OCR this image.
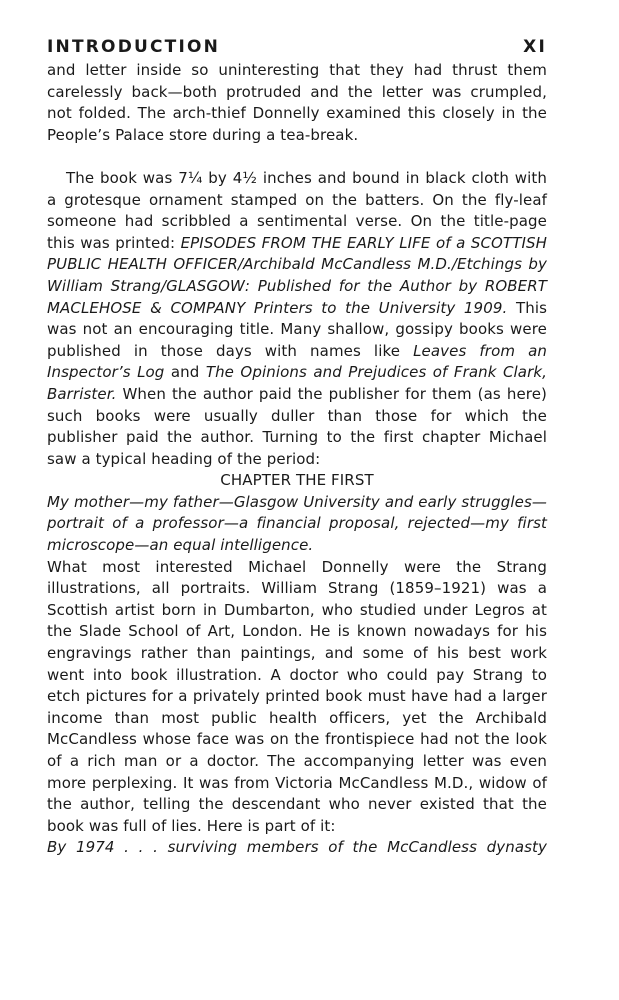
INTRODUCTION	XI

and letter inside so uninteresting that they had thrust them carelessly back—both protruded and the letter was crumpled, not folded. The arch-thief Donnelly examined this closely in the People’s Palace store during a tea-break.

The book was 7¼ by 4½ inches and bound in black cloth with a grotesque ornament stamped on the batters. On the fly-leaf someone had scribbled a sentimental verse. On the title-page this was printed: EPISODES FROM THE EARLY LIFE of a SCOTTISH PUBLIC HEALTH OFFICER/Archibald McCandless M.D./Etchings by William Strang/GLASGOW: Published for the Author by ROBERT MACLEHOSE & COMPANY Printers to the University 1909. This was not an encouraging title. Many shallow, gossipy books were published in those days with names like Leaves from an Inspector’s Log and The Opinions and Prejudices of Frank Clark, Barrister. When the author paid the publisher for them (as here) such books were usually duller than those for which the publisher paid the author. Turning to the first chapter Michael saw a typical heading of the period:

CHAPTER THE FIRST

My mother—my father—Glasgow University and early struggles—portrait of a professor—a financial proposal, rejected—my first microscope—an equal intelligence.

What most interested Michael Donnelly were the Strang illustrations, all portraits. William Strang (1859–1921) was a Scottish artist born in Dumbarton, who studied under Legros at the Slade School of Art, London. He is known nowadays for his engravings rather than paintings, and some of his best work went into book illustration. A doctor who could pay Strang to etch pictures for a privately printed book must have had a larger income than most public health officers, yet the Archibald McCandless whose face was on the frontispiece had not the look of a rich man or a doctor. The accompanying letter was even more perplexing. It was from Victoria McCandless M.D., widow of the author, telling the descendant who never existed that the book was full of lies. Here is part of it:

By 1974 . . . surviving members of the McCandless dynasty
